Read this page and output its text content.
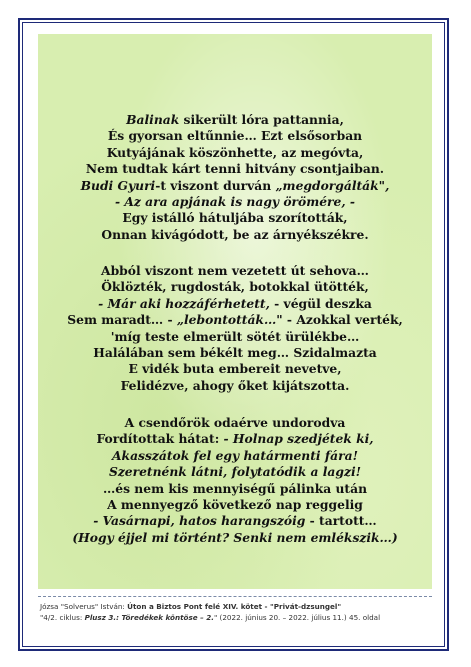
Balinak sikerült lóra pattannia,
És gyorsan eltűnnie… Ezt elsősorban
Kutyájának köszönhette, az megóvta,
Nem tudtak kárt tenni hitvány csontjaiban.
Budi Gyuri-t viszont durván „megdorgálták",
- Az ara apjának is nagy örömére, -
Egy istálló hátuljába szorították,
Onnan kivágódott, be az árnyékszékre.
Abból viszont nem vezetett út sehova…
Öklözték, rugdosták, botokkal ütötték,
- Már aki hozzáférhetett, - végül deszka
Sem maradt… - „lebontották…" - Azokkal verték,
'míg teste elmerült sötét ürülékbe…
Halálában sem békélt meg… Szidalmazta
E vidék buta embereit nevetve,
Felidézve, ahogy őket kijátszotta.
A csendőrök odaérve undorodva
Fordítottak hátat: - Holnap szedjétek ki,
Akasszátok fel egy határmenti fára!
Szeretnénk látni, folytatódik a lagzi!
…és nem kis mennyiségű pálinka után
A mennyegző következő nap reggelig
- Vasárnapi, hatos harangszóig - tartott…
(Hogy éjjel mi történt? Senki nem emlékszik…)
Józsa "Solverus" István: Úton a Biztos Pont felé XIV. kötet - "Privát-dzsungel"
"4/2. ciklus: Plusz 3.: Töredékek köntöse – 2." (2022. június 20. – 2022. július 11.) 45. oldal
